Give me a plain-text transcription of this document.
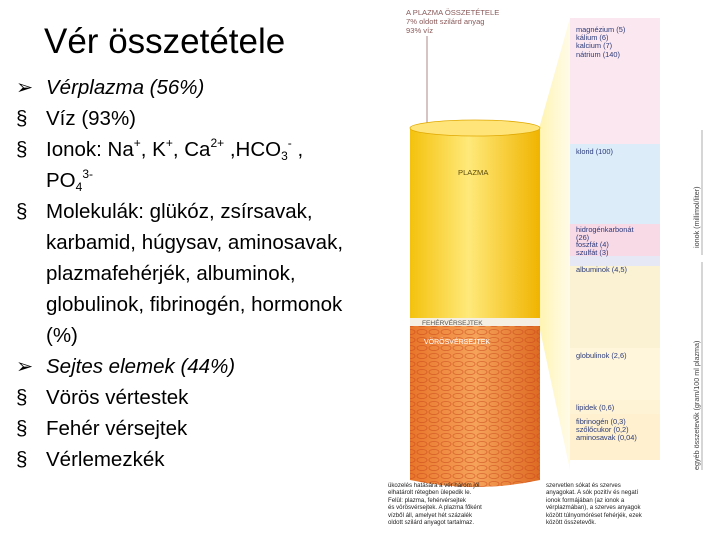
Vér összetétele
➢ Vérplazma (56%)
§ Víz (93%)
§ Ionok: Na+, K+, $Ca^{2+}$ $,HCO_3^-$ ,
$PO_4^{3-}$
§ Molekulák: glükóz, zsírsavak, karbamid, húgysav, aminosavak, plazmafehérjék, albuminok, globulinok, fibrinogén, hormonok (%)
➢ Sejtes elemek (44%)
§ Vörös vértestek
§ Fehér vérsejtek
§ Vérlemezkék
A PLAZMA ÖSSZETÉTELE
7% oldott szilárd anyag
93% víz
PLAZMA
FEHÉRVÉRSEJTEK
VÖRÖSVÉRSEJTEK
magnézium (5)
kálium (6)
kalcium (7)
nátrium (140)
klorid (100)
hidrogénkarbonát
(26)
foszfát (4)
szulfát (3)
albuminok (4,5)
globulinok (2,6)
lipidek (0,6)
fibrinogén (0,3)
szőlőcukor (0,2)
aminosavak (0,04)
ionok (millimol/liter)
egyéb összetevők (gram/100 ml plazma)
ükozelés hatására a vér három jól
elhatárolt rétegben ülepedik le.
Felül: plazma, fehérvérsejtek
és vörösvérsejtek. A plazma főként
vízből áll, amelyet hét százalék
oldott szilárd anyagot tartalmaz.
szervetlen sókat és szerves
anyagokat. A sók pozitív és negatí
ionok formájában (az ionok a
vérplazmában), a szerves anyagok
között túlnyomóréset fehérjék, ezek
között összetevők.
